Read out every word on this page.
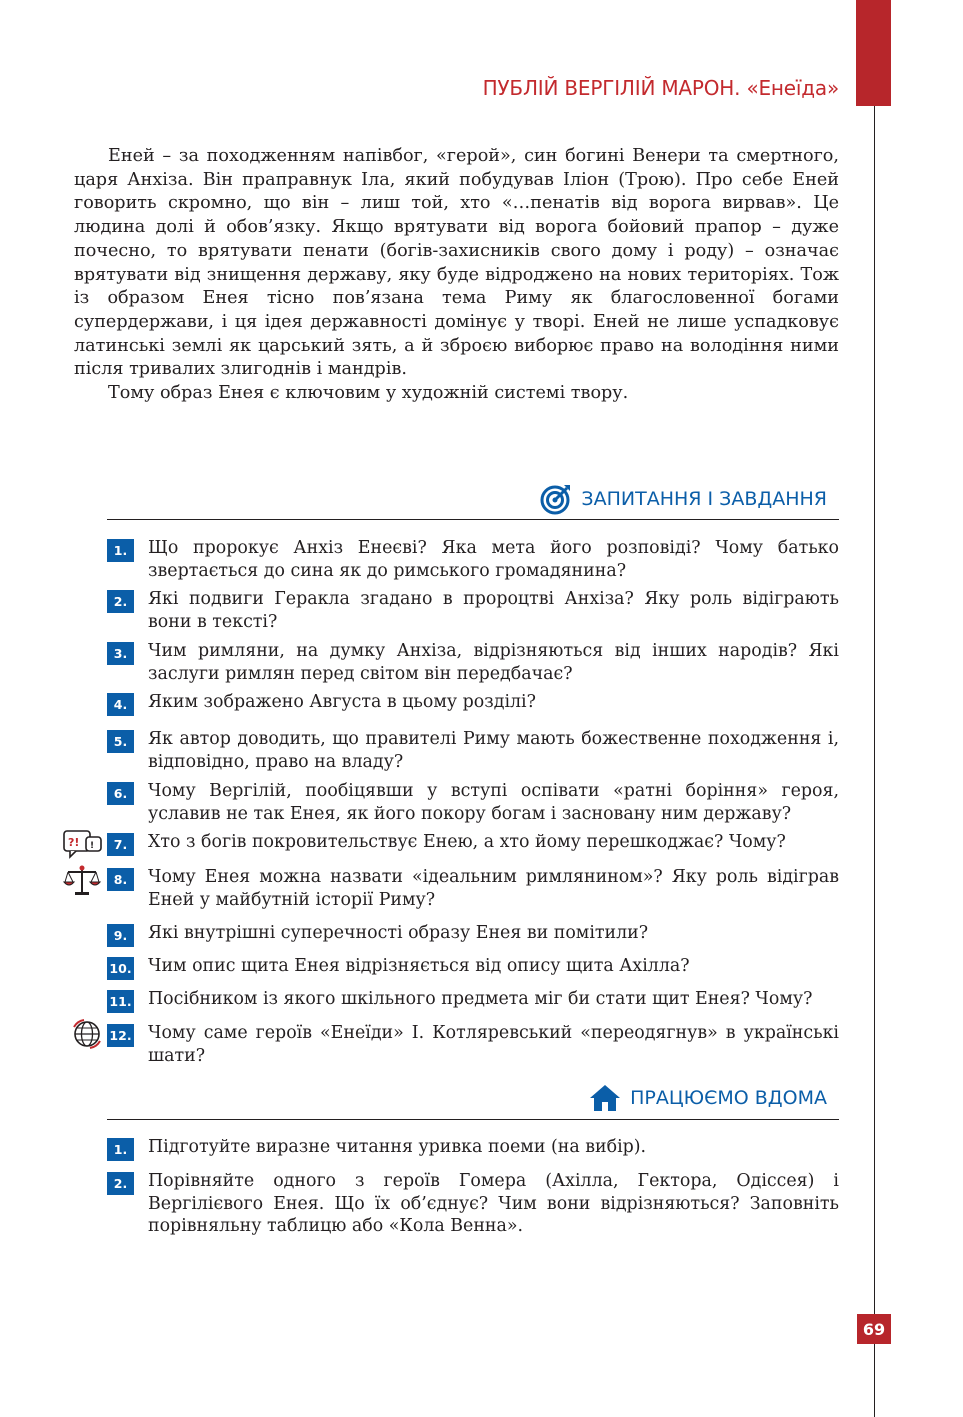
ПУБЛІЙ ВЕРГІЛІЙ МАРОН. «Енеїда»

Еней – за походженням напівбог, «герой», син богині Венери та смертного, царя Анхіза. Він праправнук Іла, який побудував Іліон (Трою). Про себе Еней говорить скромно, що він – лиш той, хто «…пенатів від ворога вирвав». Це людина долі й обов’язку. Якщо врятувати від ворога бойовий прапор – дуже почесно, то врятувати пенати (богів-захисників свого дому і роду) – означає врятувати від знищення державу, яку буде відроджено на нових територіях. Тож із образом Енея тісно пов’язана тема Риму як благословенної богами супердержави, і ця ідея державності домінує у творі. Еней не лише успадковує латинські землі як царський зять, а й зброєю виборює право на володіння ними після тривалих злигоднів і мандрів.

Тому образ Енея є ключовим у художній системі твору.

ЗАПИТАННЯ І ЗАВДАННЯ
1.	Що пророкує Анхіз Енеєві? Яка мета його розповіді? Чому батько звертається до сина як до римського громадянина?
2.	Які подвиги Геракла згадано в пророцтві Анхіза? Яку роль відіграють вони в тексті?
3.	Чим римляни, на думку Анхіза, відрізняються від інших народів? Які заслуги римлян перед світом він передбачає?
4.	Яким зображено Августа в цьому розділі?
5.	Як автор доводить, що правителі Риму мають божественне походження і, відповідно, право на владу?
6.	Чому Вергілій, пообіцявши у вступі оспівати «ратні боріння» героя, уславив не так Енея, як його покору богам і засновану ним державу?
7.	Хто з богів покровительствує Енею, а хто йому перешкоджає? Чому?
8.	Чому Енея можна назвати «ідеальним римлянином»? Яку роль відіграв Еней у майбутній історії Риму?
9.	Які внутрішні суперечності образу Енея ви помітили?
10. Чим опис щита Енея відрізняється від опису щита Ахілла?
11. Посібником із якого шкільного предмета міг би стати щит Енея? Чому?
12. Чому саме героїв «Енеїди» І. Котляревський «переодягнув» в українські шати?
?! !
ПРАЦЮЄМО ВДОМА
1.	Підготуйте виразне читання уривка поеми (на вибір).
2.	Порівняйте одного з героїв Гомера (Ахілла, Гектора, Одіссея) і Вергілієвого Енея. Що їх об’єднує? Чим вони відрізняються? Заповніть порівняльну таблицю або «Кола Венна».
69
